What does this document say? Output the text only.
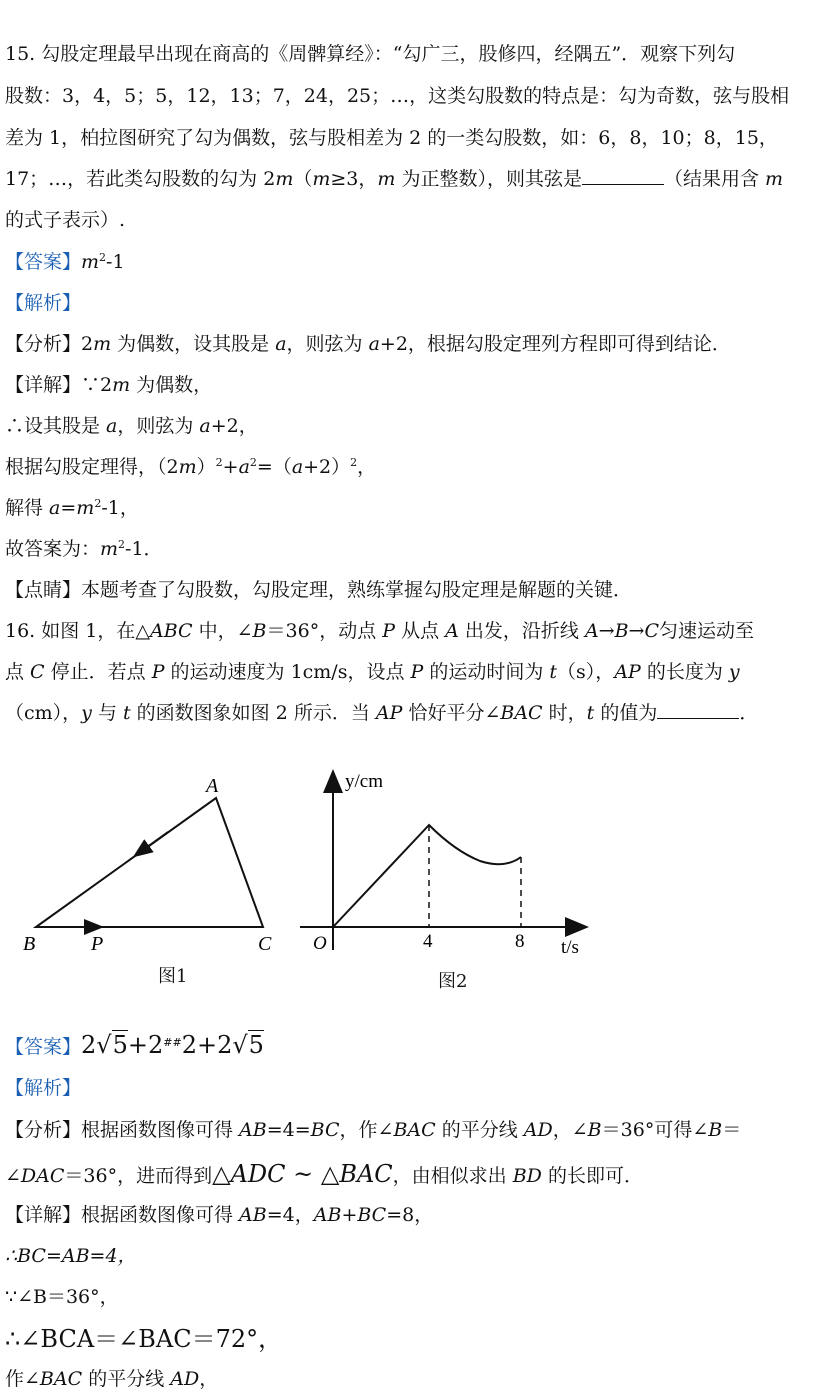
15. 勾股定理最早出现在商高的《周髀算经》：“勾广三，股修四，经隅五”．观察下列勾
股数：3，4，5；5，12，13；7，24，25；…，这类勾股数的特点是：勾为奇数，弦与股相
差为 1，柏拉图研究了勾为偶数，弦与股相差为 2 的一类勾股数，如：6，8，10；8，15，
17；…，若此类勾股数的勾为 2m（m≥3，m 为正整数），则其弦是	（结果用含 m
的式子表示）.
【答案】$m^2-1$
【解析】
【分析】2m 为偶数，设其股是 a，则弦为 a+2，根据勾股定理列方程即可得到结论．
【详解】∵2m 为偶数，
∴设其股是 a，则弦为 a+2，
根据勾股定理得，$(2m)^2+a^2=(a+2)^2$，
解得 $a=m^2-1$，
故答案为：$m^2-1$．
【点睛】本题考查了勾股数，勾股定理，熟练掌握勾股定理是解题的关键．
16. 如图 1，在△ABC 中，∠B＝36°，动点 P 从点 A 出发，沿折线 A→B→C匀速运动至
点 C 停止．若点 P 的运动速度为 1cm/s，设点 P 的运动时间为 t（s），AP 的长度为 y
（cm），y 与 t 的函数图象如图 2 所示．当 AP 恰好平分∠BAC 时，t 的值为	．
A
B	C
P
图1
y/cm
t/s
O	4	8
图2
【答案】2√5+2##2+2√5
【解析】
【分析】根据函数图像可得 AB=4=BC，作∠BAC 的平分线 AD，∠B＝36°可得∠B＝
∠DAC＝36°，进而得到△ADC ~ △BAC，由相似求出 BD 的长即可．
【详解】根据函数图像可得 AB=4，AB+BC=8，
∴BC=AB=4，
∵∠B＝36°，
∴∠BCA＝∠BAC＝72°，
作∠BAC 的平分线 AD，
